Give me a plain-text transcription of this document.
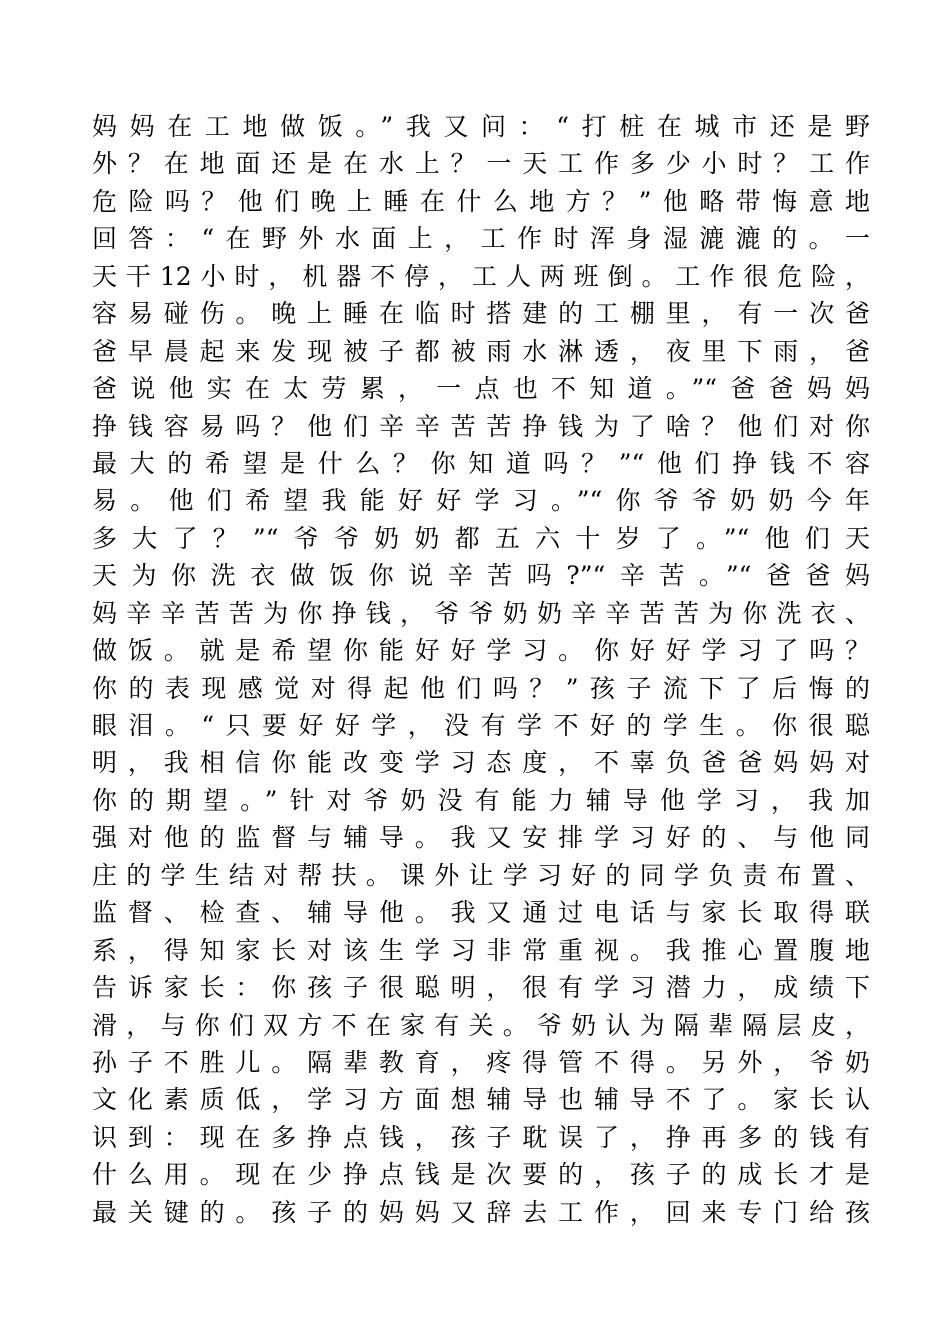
妈妈在工地做饭。”我又问：“打桩在城市还是野
外？在地面还是在水上？一天工作多少小时？工作
危险吗？他们晚上睡在什么地方？”他略带悔意地
回答：“在野外水面上，工作时浑身湿漉漉的。一
天干12小时，机器不停，工人两班倒。工作很危险，
容易碰伤。晚上睡在临时搭建的工棚里，有一次爸
爸早晨起来发现被子都被雨水淋透，夜里下雨，爸
爸说他实在太劳累，一点也不知道。”“爸爸妈妈
挣钱容易吗？他们辛辛苦苦挣钱为了啥？他们对你
最大的希望是什么？你知道吗？”“他们挣钱不容
易。他们希望我能好好学习。”“你爷爷奶奶今年
多大了？”“爷爷奶奶都五六十岁了。”“他们天
天为你洗衣做饭你说辛苦吗?”“辛苦。”“爸爸妈
妈辛辛苦苦为你挣钱，爷爷奶奶辛辛苦苦为你洗衣、
做饭。就是希望你能好好学习。你好好学习了吗？
你的表现感觉对得起他们吗？”孩子流下了后悔的
眼泪。“只要好好学，没有学不好的学生。你很聪
明，我相信你能改变学习态度，不辜负爸爸妈妈对
你的期望。”针对爷奶没有能力辅导他学习，我加
强对他的监督与辅导。我又安排学习好的、与他同
庄的学生结对帮扶。课外让学习好的同学负责布置、
监督、检查、辅导他。我又通过电话与家长取得联
系，得知家长对该生学习非常重视。我推心置腹地
告诉家长：你孩子很聪明，很有学习潜力，成绩下
滑，与你们双方不在家有关。爷奶认为隔辈隔层皮，
孙子不胜儿。隔辈教育，疼得管不得。另外，爷奶
文化素质低，学习方面想辅导也辅导不了。家长认
识到：现在多挣点钱，孩子耽误了，挣再多的钱有
什么用。现在少挣点钱是次要的，孩子的成长才是
最关键的。孩子的妈妈又辞去工作，回来专门给孩
